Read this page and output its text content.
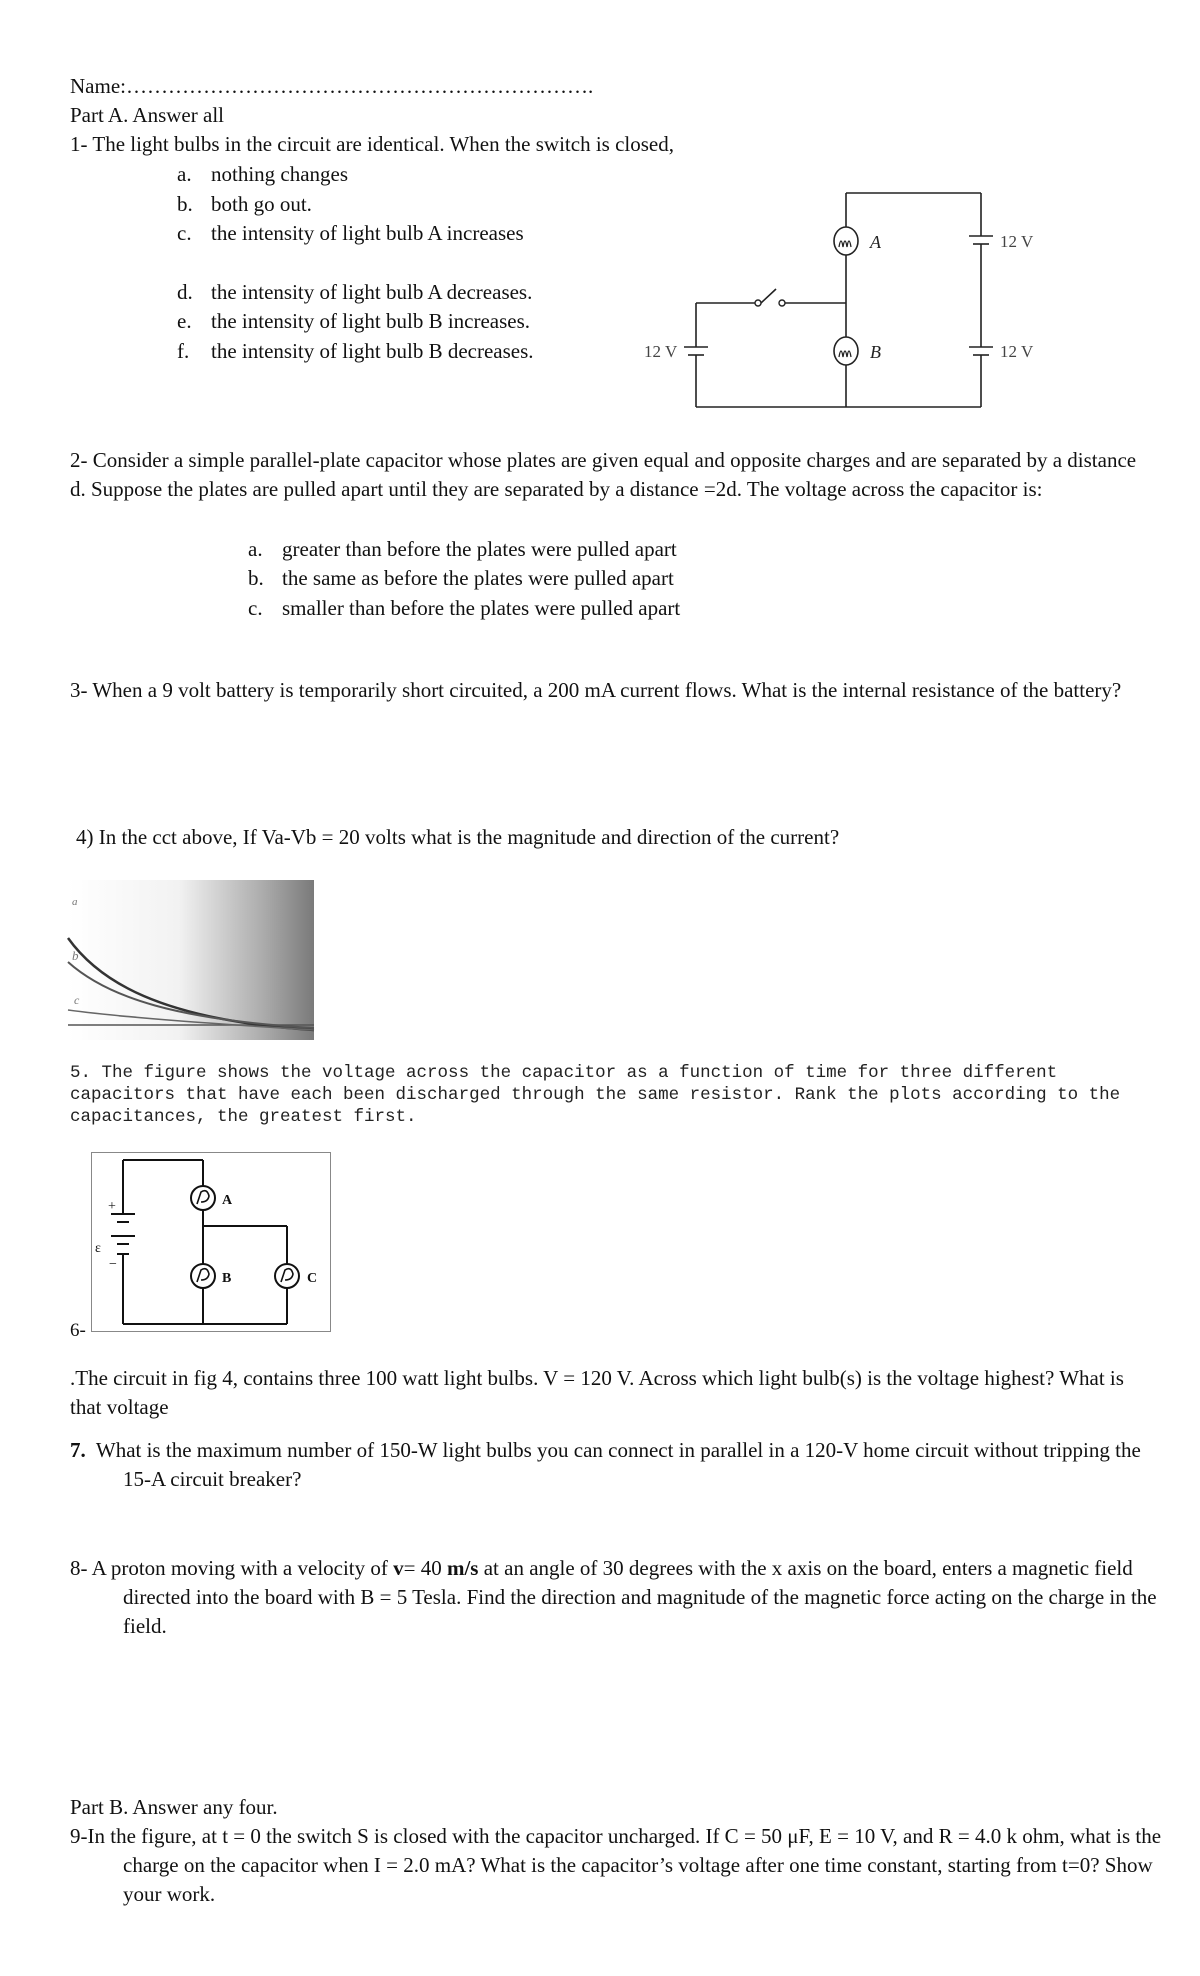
Name:………………………………………………………….
Part A. Answer all
1- The light bulbs in the circuit are identical. When the switch is closed,
a. nothing changes
b. both go out.
c. the intensity of light bulb A increases
d. the intensity of light bulb A decreases.
e. the intensity of light bulb B increases.
f. the intensity of light bulb B decreases.
A
B
12 V
12 V
12 V
2- Consider a simple parallel-plate capacitor whose plates are given equal and opposite charges and are separated by a distance d. Suppose the plates are pulled apart until they are separated by a distance =2d. The voltage across the capacitor is:
a. greater than before the plates were pulled apart
b. the same as before the plates were pulled apart
c. smaller than before the plates were pulled apart
3- When a 9 volt battery is temporarily short circuited, a 200 mA current flows. What is the internal resistance of the battery?
4) In the cct above, If Va-Vb = 20 volts what is the magnitude and direction of the current?
a
b
c
5. The figure shows the voltage across the capacitor as a function of time for three different capacitors that have each been discharged through the same resistor. Rank the plots according to the capacitances, the greatest first.
+
ε
−
A
B	C
6-
.The circuit in fig 4, contains three 100 watt light bulbs. V = 120 V. Across which light bulb(s) is the voltage highest? What is that voltage
7. What is the maximum number of 150-W light bulbs you can connect in parallel in a 120-V home circuit without tripping the 15-A circuit breaker?
8- A proton moving with a velocity of v= 40 m/s at an angle of 30 degrees with the x axis on the board, enters a magnetic field directed into the board with B = 5 Tesla. Find the direction and magnitude of the magnetic force acting on the charge in the field.
Part B. Answer any four.
9-In the figure, at t = 0 the switch S is closed with the capacitor uncharged. If C = 50 μF, E = 10 V, and R = 4.0 k ohm, what is the charge on the capacitor when I = 2.0 mA? What is the capacitor’s voltage after one time constant, starting from t=0? Show your work.
